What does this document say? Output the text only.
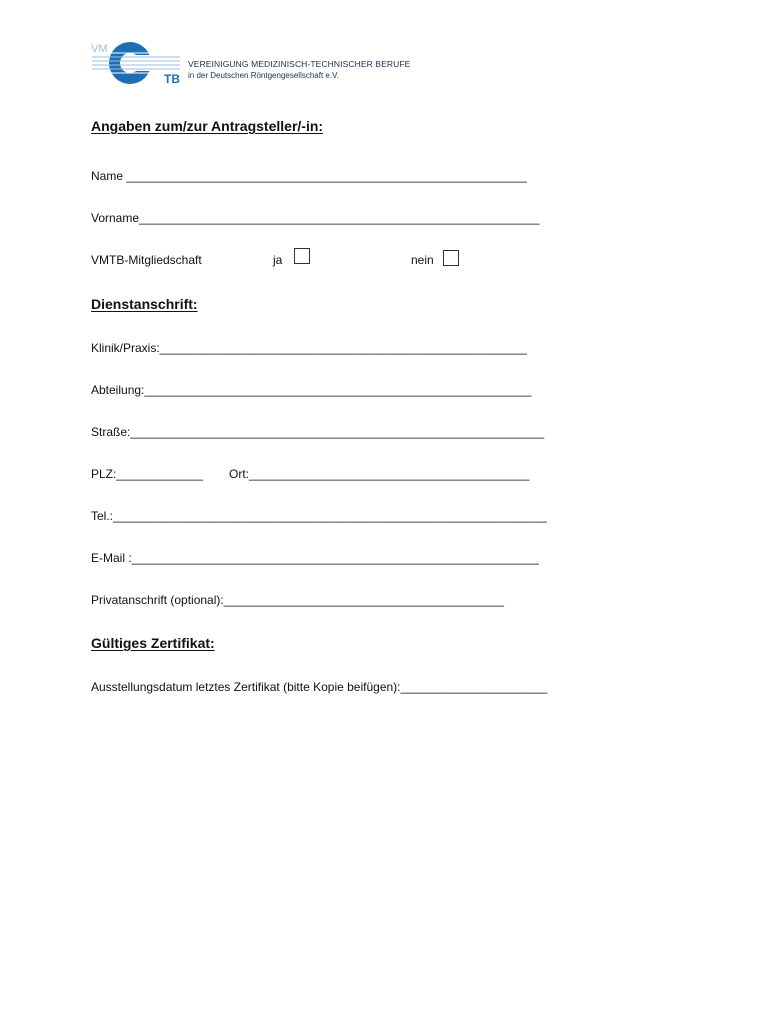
VM
TB
VEREINIGUNG MEDIZINISCH-TECHNISCHER BERUFE
in der Deutschen Röntgengesellschaft e.V.
Angaben zum/zur Antragsteller/-in:
Name ____________________________________________________________
Vorname____________________________________________________________
VMTB-Mitgliedschaft	ja	nein
Dienstanschrift:
Klinik/Praxis:_______________________________________________________
Abteilung:__________________________________________________________
Straße:______________________________________________________________
PLZ:_____________ Ort:__________________________________________
Tel.:_________________________________________________________________
E-Mail :_____________________________________________________________
Privatanschrift (optional):__________________________________________
Gültiges Zertifikat:
Ausstellungsdatum letztes Zertifikat (bitte Kopie beifügen):______________________
